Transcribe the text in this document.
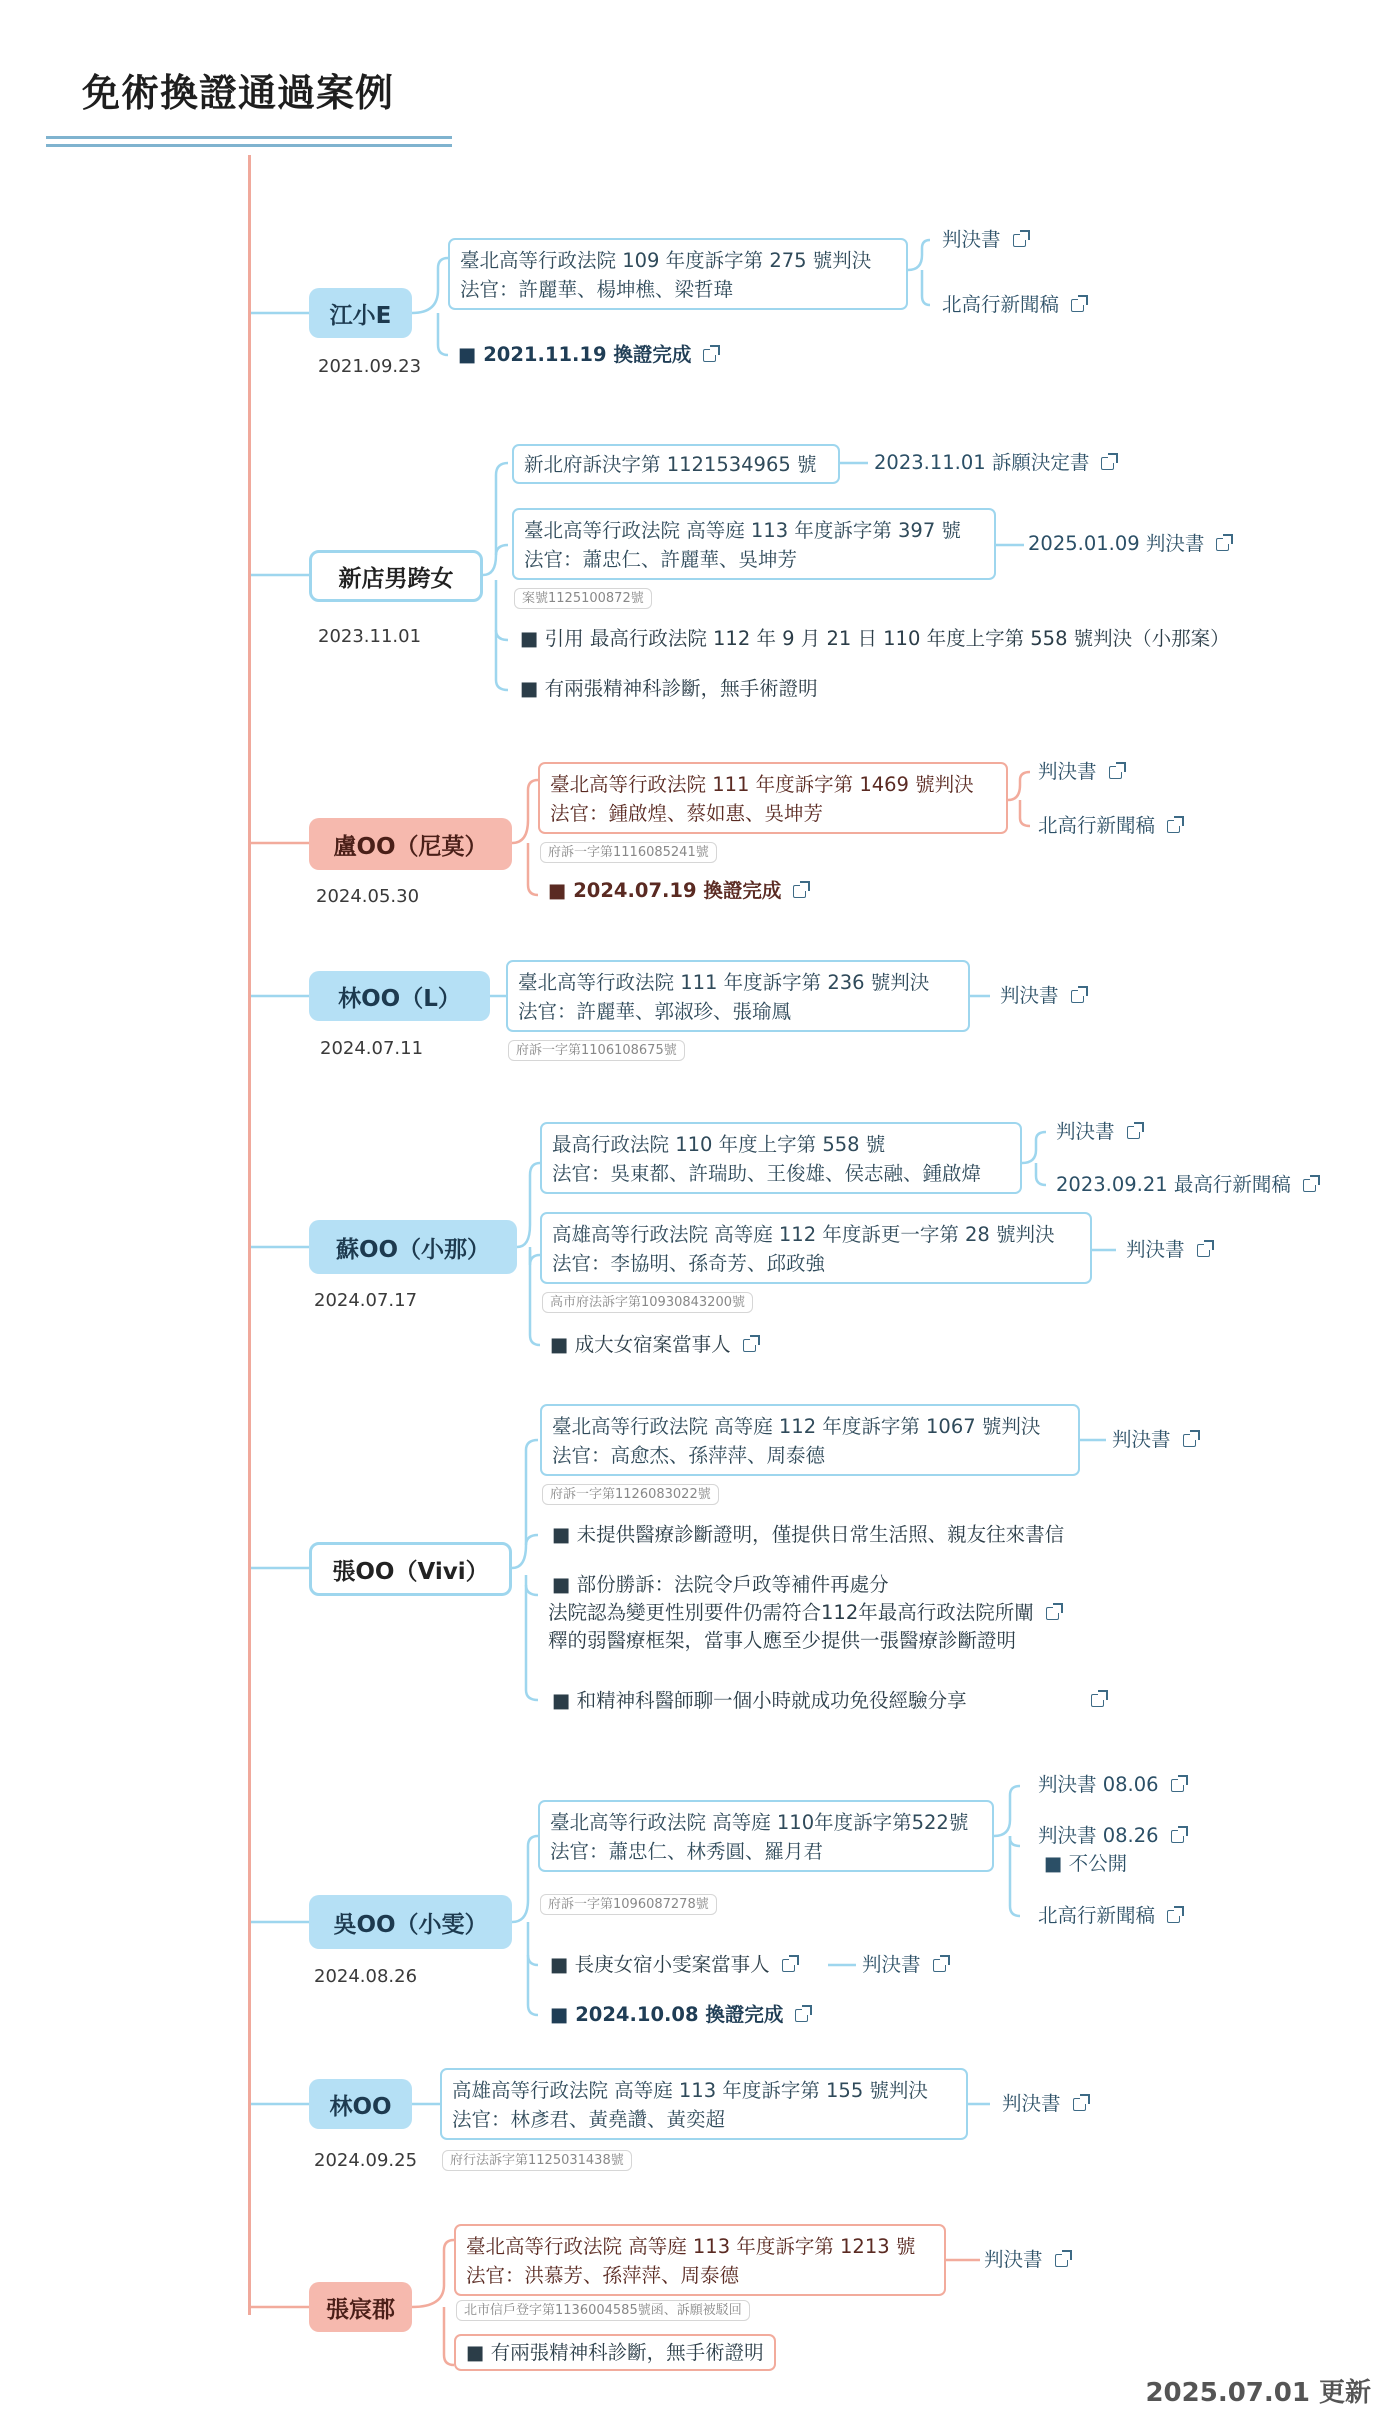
免術換證通過案例
江小E
2021.09.23
臺北高等行政法院 109 年度訴字第 275 號判決
法官：許麗華、楊坤樵、梁哲瑋
判決書
北高行新聞稿
■ 2021.11.19 換證完成
新店男跨女
2023.11.01
新北府訴決字第 1121534965 號	2023.11.01 訴願決定書
臺北高等行政法院 高等庭 113 年度訴字第 397 號
法官：蕭忠仁、許麗華、吳坤芳
2025.01.09 判決書
案號1125100872號
■ 引用 最高行政法院 112 年 9 月 21 日 110 年度上字第 558 號判決（小那案）
■ 有兩張精神科診斷，無手術證明
盧OO（尼莫）
2024.05.30
臺北高等行政法院 111 年度訴字第 1469 號判決
法官：鍾啟煌、蔡如惠、吳坤芳
判決書
北高行新聞稿
府訴一字第1116085241號
■ 2024.07.19 換證完成
林OO（L）
2024.07.11
臺北高等行政法院 111 年度訴字第 236 號判決
法官：許麗華、郭淑珍、張瑜鳳
判決書
府訴一字第1106108675號
蘇OO（小那）
2024.07.17
最高行政法院 110 年度上字第 558 號
法官：吳東都、許瑞助、王俊雄、侯志融、鍾啟煒
判決書
2023.09.21 最高行新聞稿
高雄高等行政法院 高等庭 112 年度訴更一字第 28 號判決
法官：李協明、孫奇芳、邱政強
判決書
高市府法訴字第10930843200號
■ 成大女宿案當事人
張OO（Vivi）
臺北高等行政法院 高等庭 112 年度訴字第 1067 號判決
法官：高愈杰、孫萍萍、周泰德
判決書
府訴一字第1126083022號
■ 未提供醫療診斷證明，僅提供日常生活照、親友往來書信
■ 部份勝訴：法院令戶政等補件再處分
法院認為變更性別要件仍需符合112年最高行政法院所闡
釋的弱醫療框架，當事人應至少提供一張醫療診斷證明
■ 和精神科醫師聊一個小時就成功免役經驗分享
吳OO（小雯）
2024.08.26
臺北高等行政法院 高等庭 110年度訴字第522號
法官：蕭忠仁、林秀圓、羅月君
判決書 08.06
判決書 08.26
■ 不公開
北高行新聞稿
府訴一字第1096087278號
■ 長庚女宿小雯案當事人	判決書
■ 2024.10.08 換證完成
林OO
2024.09.25
高雄高等行政法院 高等庭 113 年度訴字第 155 號判決
法官：林彥君、黃堯讚、黃奕超
判決書
府行法訴字第1125031438號
張宸郡
臺北高等行政法院 高等庭 113 年度訴字第 1213 號
法官：洪慕芳、孫萍萍、周泰德
判決書
北市信戶登字第1136004585號函、訴願被駁回
■ 有兩張精神科診斷，無手術證明
2025.07.01 更新
